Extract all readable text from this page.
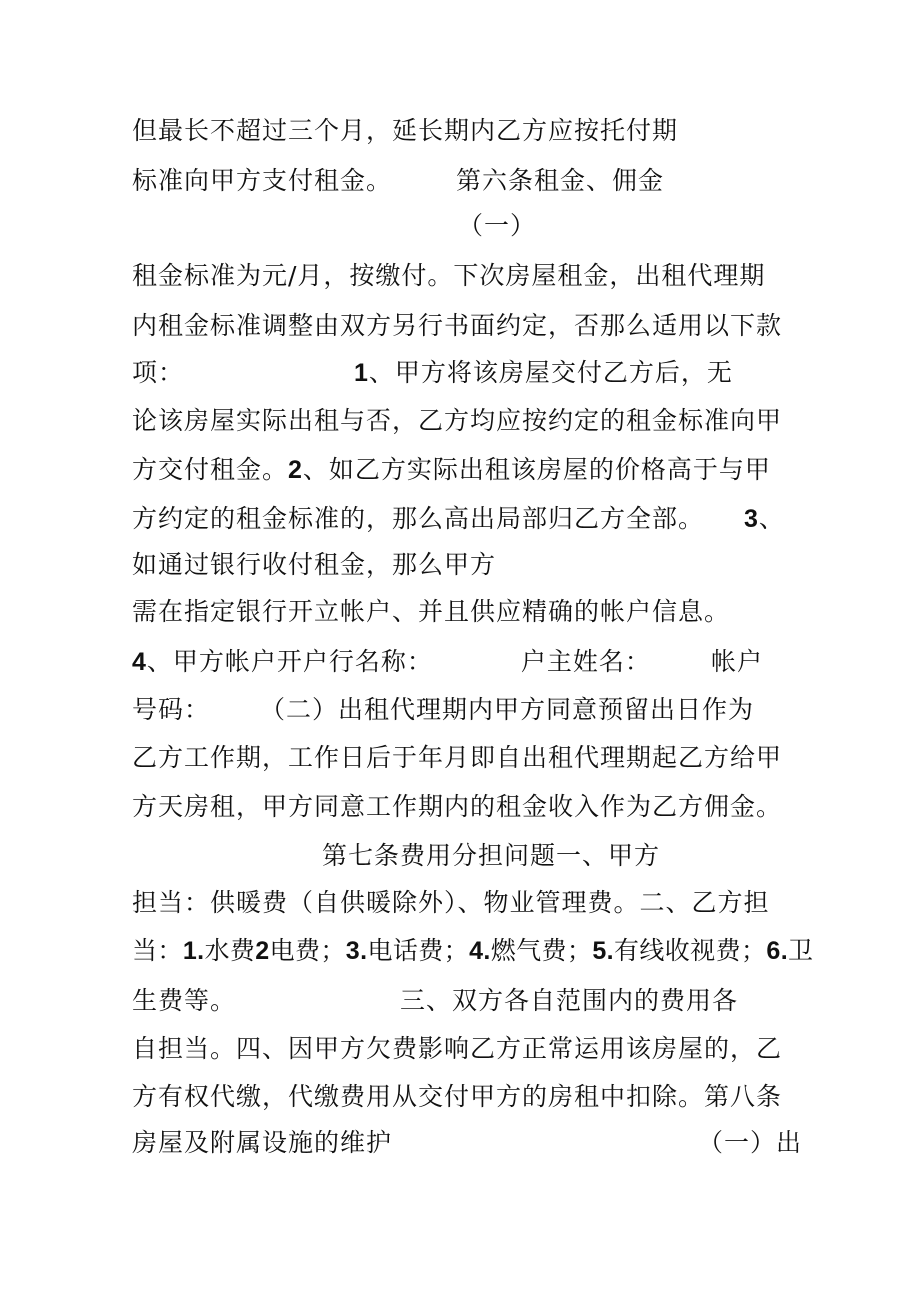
但最长不超过三个月，延长期内乙方应按托付期
标准向甲方支付租金。	第六条租金、佣金
（一）
租金标准为元/月，按缴付。下次房屋租金，出租代理期
内租金标准调整由双方另行书面约定，否那么适用以下款
项：	1、甲方将该房屋交付乙方后，无
论该房屋实际出租与否，乙方均应按约定的租金标准向甲
方交付租金。2、如乙方实际出租该房屋的价格高于与甲
方约定的租金标准的，那么高出局部归乙方全部。 3、
如通过银行收付租金，那么甲方
需在指定银行开立帐户、并且供应精确的帐户信息。
4、甲方帐户开户行名称：	户主姓名： 帐户
号码： （二）出租代理期内甲方同意预留出日作为
乙方工作期，工作日后于年月即自出租代理期起乙方给甲
方天房租，甲方同意工作期内的租金收入作为乙方佣金。
第七条费用分担问题一、甲方
担当：供暖费（自供暖除外）、物业管理费。二、乙方担
当：1.水费2电费；3.电话费；4.燃气费；5.有线收视费；6.卫
生费等。	三、双方各自范围内的费用各
自担当。四、因甲方欠费影响乙方正常运用该房屋的，乙
方有权代缴，代缴费用从交付甲方的房租中扣除。第八条
房屋及附属设施的维护	（一）出
